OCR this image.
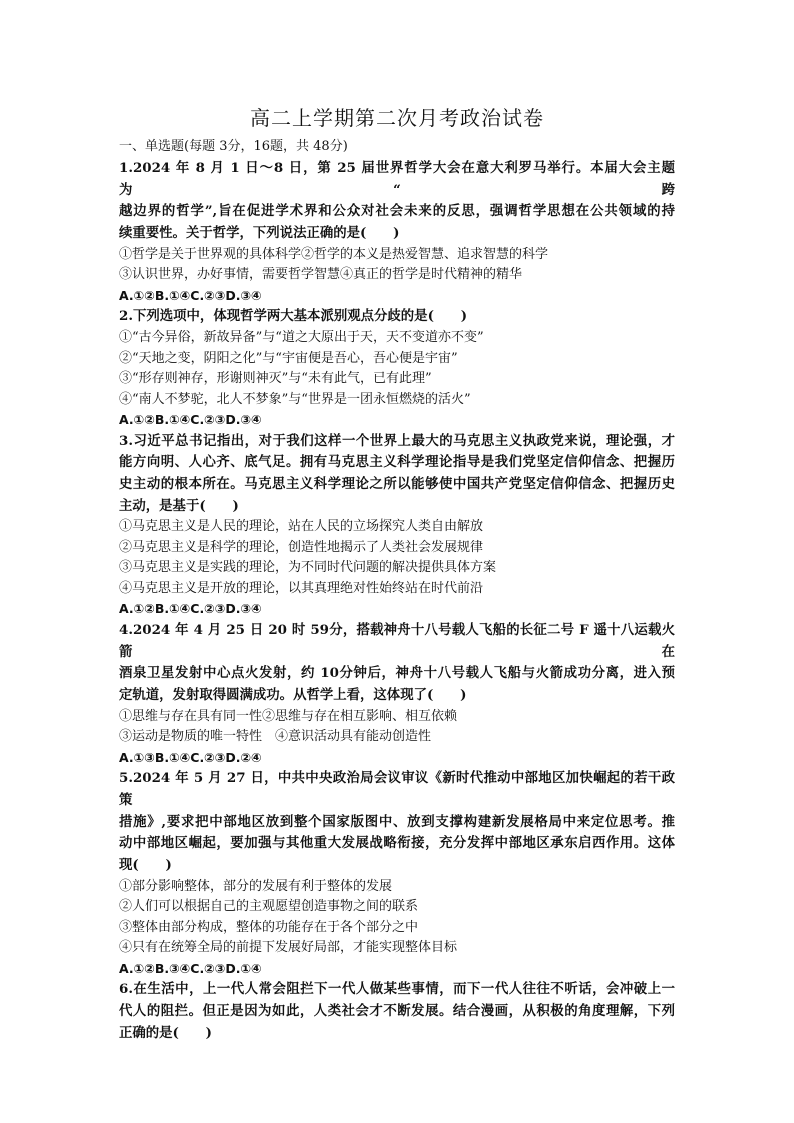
高二上学期第二次月考政治试卷
一、单选题(每题 3分，16题，共 48分)
1.2024 年 8 月 1 日～8 日，第 25 届世界哲学大会在意大利罗马举行。本届大会主题为“跨
越边界的哲学”,旨在促进学术界和公众对社会未来的反思，强调哲学思想在公共领域的持
续重要性。关于哲学，下列说法正确的是(　　)
①哲学是关于世界观的具体科学②哲学的本义是热爱智慧、追求智慧的科学
③认识世界，办好事情，需要哲学智慧④真正的哲学是时代精神的精华
A.①②B.①④C.②③D.③④
2.下列选项中，体现哲学两大基本派别观点分歧的是(　　)
①“古今异俗，新故异备”与“道之大原出于天，天不变道亦不变”
②“天地之变，阴阳之化”与“宇宙便是吾心，吾心便是宇宙”
③“形存则神存，形谢则神灭”与“未有此气，已有此理”
④“南人不梦驼，北人不梦象”与“世界是一团永恒燃烧的活火”
A.①②B.①④C.②③D.③④
3.习近平总书记指出，对于我们这样一个世界上最大的马克思主义执政党来说，理论强，才
能方向明、人心齐、底气足。拥有马克思主义科学理论指导是我们党坚定信仰信念、把握历
史主动的根本所在。马克思主义科学理论之所以能够使中国共产党坚定信仰信念、把握历史
主动，是基于(　　)
①马克思主义是人民的理论，站在人民的立场探究人类自由解放
②马克思主义是科学的理论，创造性地揭示了人类社会发展规律
③马克思主义是实践的理论，为不同时代问题的解决提供具体方案
④马克思主义是开放的理论，以其真理绝对性始终站在时代前沿
A.①②B.①④C.②③D.③④
4.2024 年 4 月 25 日 20 时 59分，搭载神舟十八号载人飞船的长征二号 F 遥十八运载火箭在
酒泉卫星发射中心点火发射，约 10分钟后，神舟十八号载人飞船与火箭成功分离，进入预
定轨道，发射取得圆满成功。从哲学上看，这体现了(　　)
①思维与存在具有同一性②思维与存在相互影响、相互依赖
③运动是物质的唯一特性　④意识活动具有能动创造性
A.①③B.①④C.②③D.②④
5.2024 年 5 月 27 日，中共中央政治局会议审议《新时代推动中部地区加快崛起的若干政策
措施》,要求把中部地区放到整个国家版图中、放到支撑构建新发展格局中来定位思考。推
动中部地区崛起，要加强与其他重大发展战略衔接，充分发挥中部地区承东启西作用。这体
现(　　)
①部分影响整体，部分的发展有利于整体的发展
②人们可以根据自己的主观愿望创造事物之间的联系
③整体由部分构成，整体的功能存在于各个部分之中
④只有在统筹全局的前提下发展好局部，才能实现整体目标
A.①②B.③④C.②③D.①④
6.在生活中，上一代人常会阻拦下一代人做某些事情，而下一代人往往不听话，会冲破上一
代人的阻拦。但正是因为如此，人类社会才不断发展。结合漫画，从积极的角度理解，下列
正确的是(　　)
